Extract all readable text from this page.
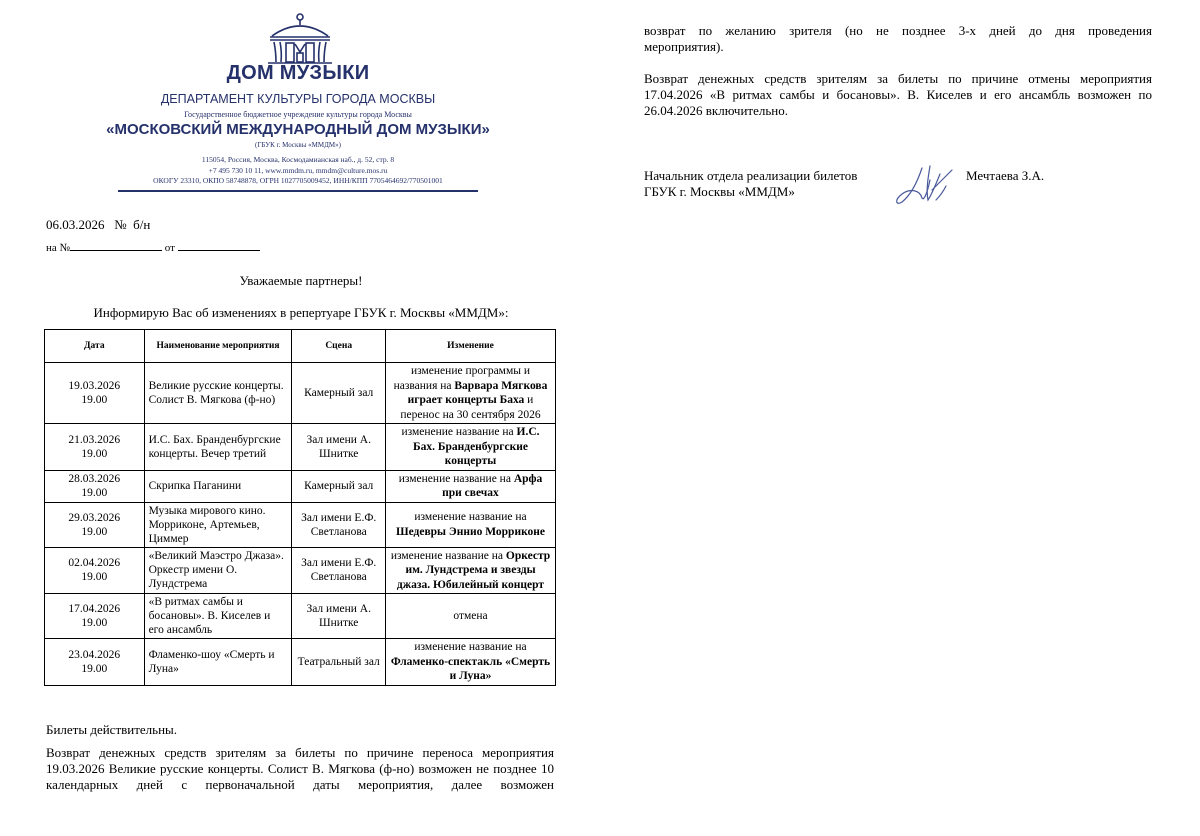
ДОМ МУЗЫКИ
ДЕПАРТАМЕНТ КУЛЬТУРЫ ГОРОДА МОСКВЫ
Государственное бюджетное учреждение культуры города Москвы
«МОСКОВСКИЙ МЕЖДУНАРОДНЫЙ ДОМ МУЗЫКИ»
(ГБУК г. Москвы «ММДМ»)
115054, Россия, Москва, Космодамианская наб., д. 52, стр. 8
+7 495 730 10 11, www.mmdm.ru, mmdm@culture.mos.ru
ОКОГУ 23310, ОКПО 58748878, ОГРН 1027705009452, ИНН/КПП 7705464692/770501001
06.03.2026 № б/н
на №	от
Уважаемые партнеры!
Информирую Вас об изменениях в репертуаре ГБУК г. Москвы «ММДМ»:
Дата	Наименование мероприятия	Сцена	Изменение

19.03.2026
19.00	Великие русские концерты. Солист В. Мягкова (ф-но)	Камерный зал	изменение программы и названия на Варвара Мягкова играет концерты Баха и перенос на 30 сентября 2026

21.03.2026
19.00	И.С. Бах. Бранденбургские концерты. Вечер третий	Зал имени А. Шнитке	изменение название на И.С. Бах. Бранденбургские концерты

28.03.2026
19.00	Скрипка Паганини	Камерный зал	изменение название на Арфа при свечах

29.03.2026
19.00	Музыка мирового кино. Морриконе, Артемьев, Циммер	Зал имени Е.Ф. Светланова	изменение название на Шедевры Эннио Морриконе

02.04.2026
19.00	«Великий Маэстро Джаза». Оркестр имени О. Лундстрема	Зал имени Е.Ф. Светланова	изменение название на Оркестр им. Лундстрема и звезды джаза. Юбилейный концерт

17.04.2026
19.00	«В ритмах самбы и босановы». В. Киселев и его ансамбль	Зал имени А. Шнитке	отмена

23.04.2026
19.00	Фламенко-шоу «Смерть и Луна»	Театральный зал	изменение название на Фламенко-спектакль «Смерть и Луна»
Билеты действительны.
Возврат денежных средств зрителям за билеты по причине переноса мероприятия 19.03.2026 Великие русские концерты. Солист В. Мягкова (ф-но) возможен не позднее 10 календарных дней с первоначальной даты мероприятия, далее возможен
возврат по желанию зрителя (но не позднее 3-х дней до дня проведения
мероприятия).
Возврат денежных средств зрителям за билеты по причине отмены мероприятия 17.04.2026 «В ритмах самбы и босановы». В. Киселев и его ансамбль возможен по
26.04.2026 включительно.
Начальник отдела реализации билетов
ГБУК г. Москвы «ММДМ»
Мечтаева З.А.
